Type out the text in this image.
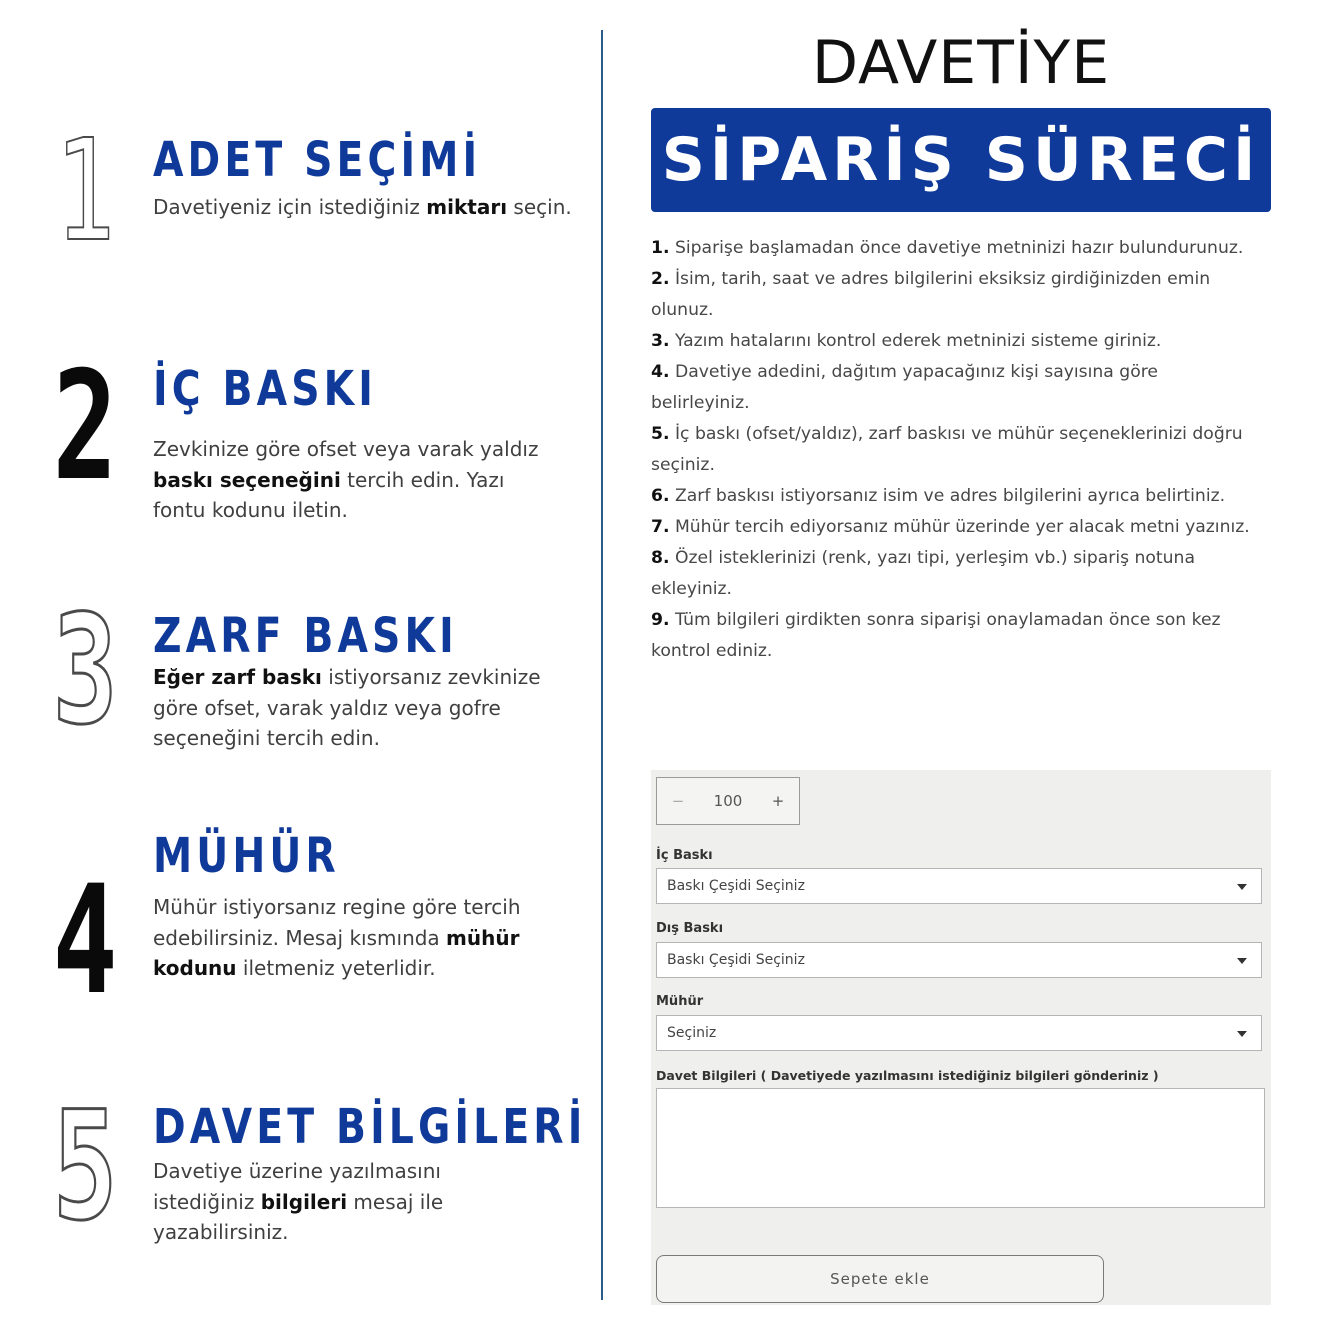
1 ADET SEÇİMİ
Davetiyeniz için istediğiniz miktarı seçin.
2 İÇ BASKI
Zevkinize göre ofset veya varak yaldız baskı seçeneğini tercih edin. Yazı fontu kodunu iletin.
3 ZARF BASKI
Eğer zarf baskı istiyorsanız zevkinize göre ofset, varak yaldız veya gofre seçeneğini tercih edin.
4 MÜHÜR
Mühür istiyorsanız regine göre tercih edebilirsiniz. Mesaj kısmında mühür kodunu iletmeniz yeterlidir.
5 DAVET BİLGİLERİ
Davetiye üzerine yazılmasını istediğiniz bilgileri mesaj ile yazabilirsiniz.
DAVETİYE
SİPARİŞ SÜRECİ

1. Siparişe başlamadan önce davetiye metninizi hazır bulundurunuz.

2. İsim, tarih, saat ve adres bilgilerini eksiksiz girdiğinizden emin olunuz.

3. Yazım hatalarını kontrol ederek metninizi sisteme giriniz.

4. Davetiye adedini, dağıtım yapacağınız kişi sayısına göre belirleyiniz.

5. İç baskı (ofset/yaldız), zarf baskısı ve mühür seçeneklerinizi doğru seçiniz.

6. Zarf baskısı istiyorsanız isim ve adres bilgilerini ayrıca belirtiniz.

7. Mühür tercih ediyorsanız mühür üzerinde yer alacak metni yazınız.

8. Özel isteklerinizi (renk, yazı tipi, yerleşim vb.) sipariş notuna ekleyiniz.

9. Tüm bilgileri girdikten sonra siparişi onaylamadan önce son kez kontrol ediniz.

− 100 +
İç Baskı
Baskı Çeşidi Seçiniz
Dış Baskı
Baskı Çeşidi Seçiniz
Mühür
Seçiniz
Davet Bilgileri ( Davetiyede yazılmasını istediğiniz bilgileri gönderiniz )
Sepete ekle
